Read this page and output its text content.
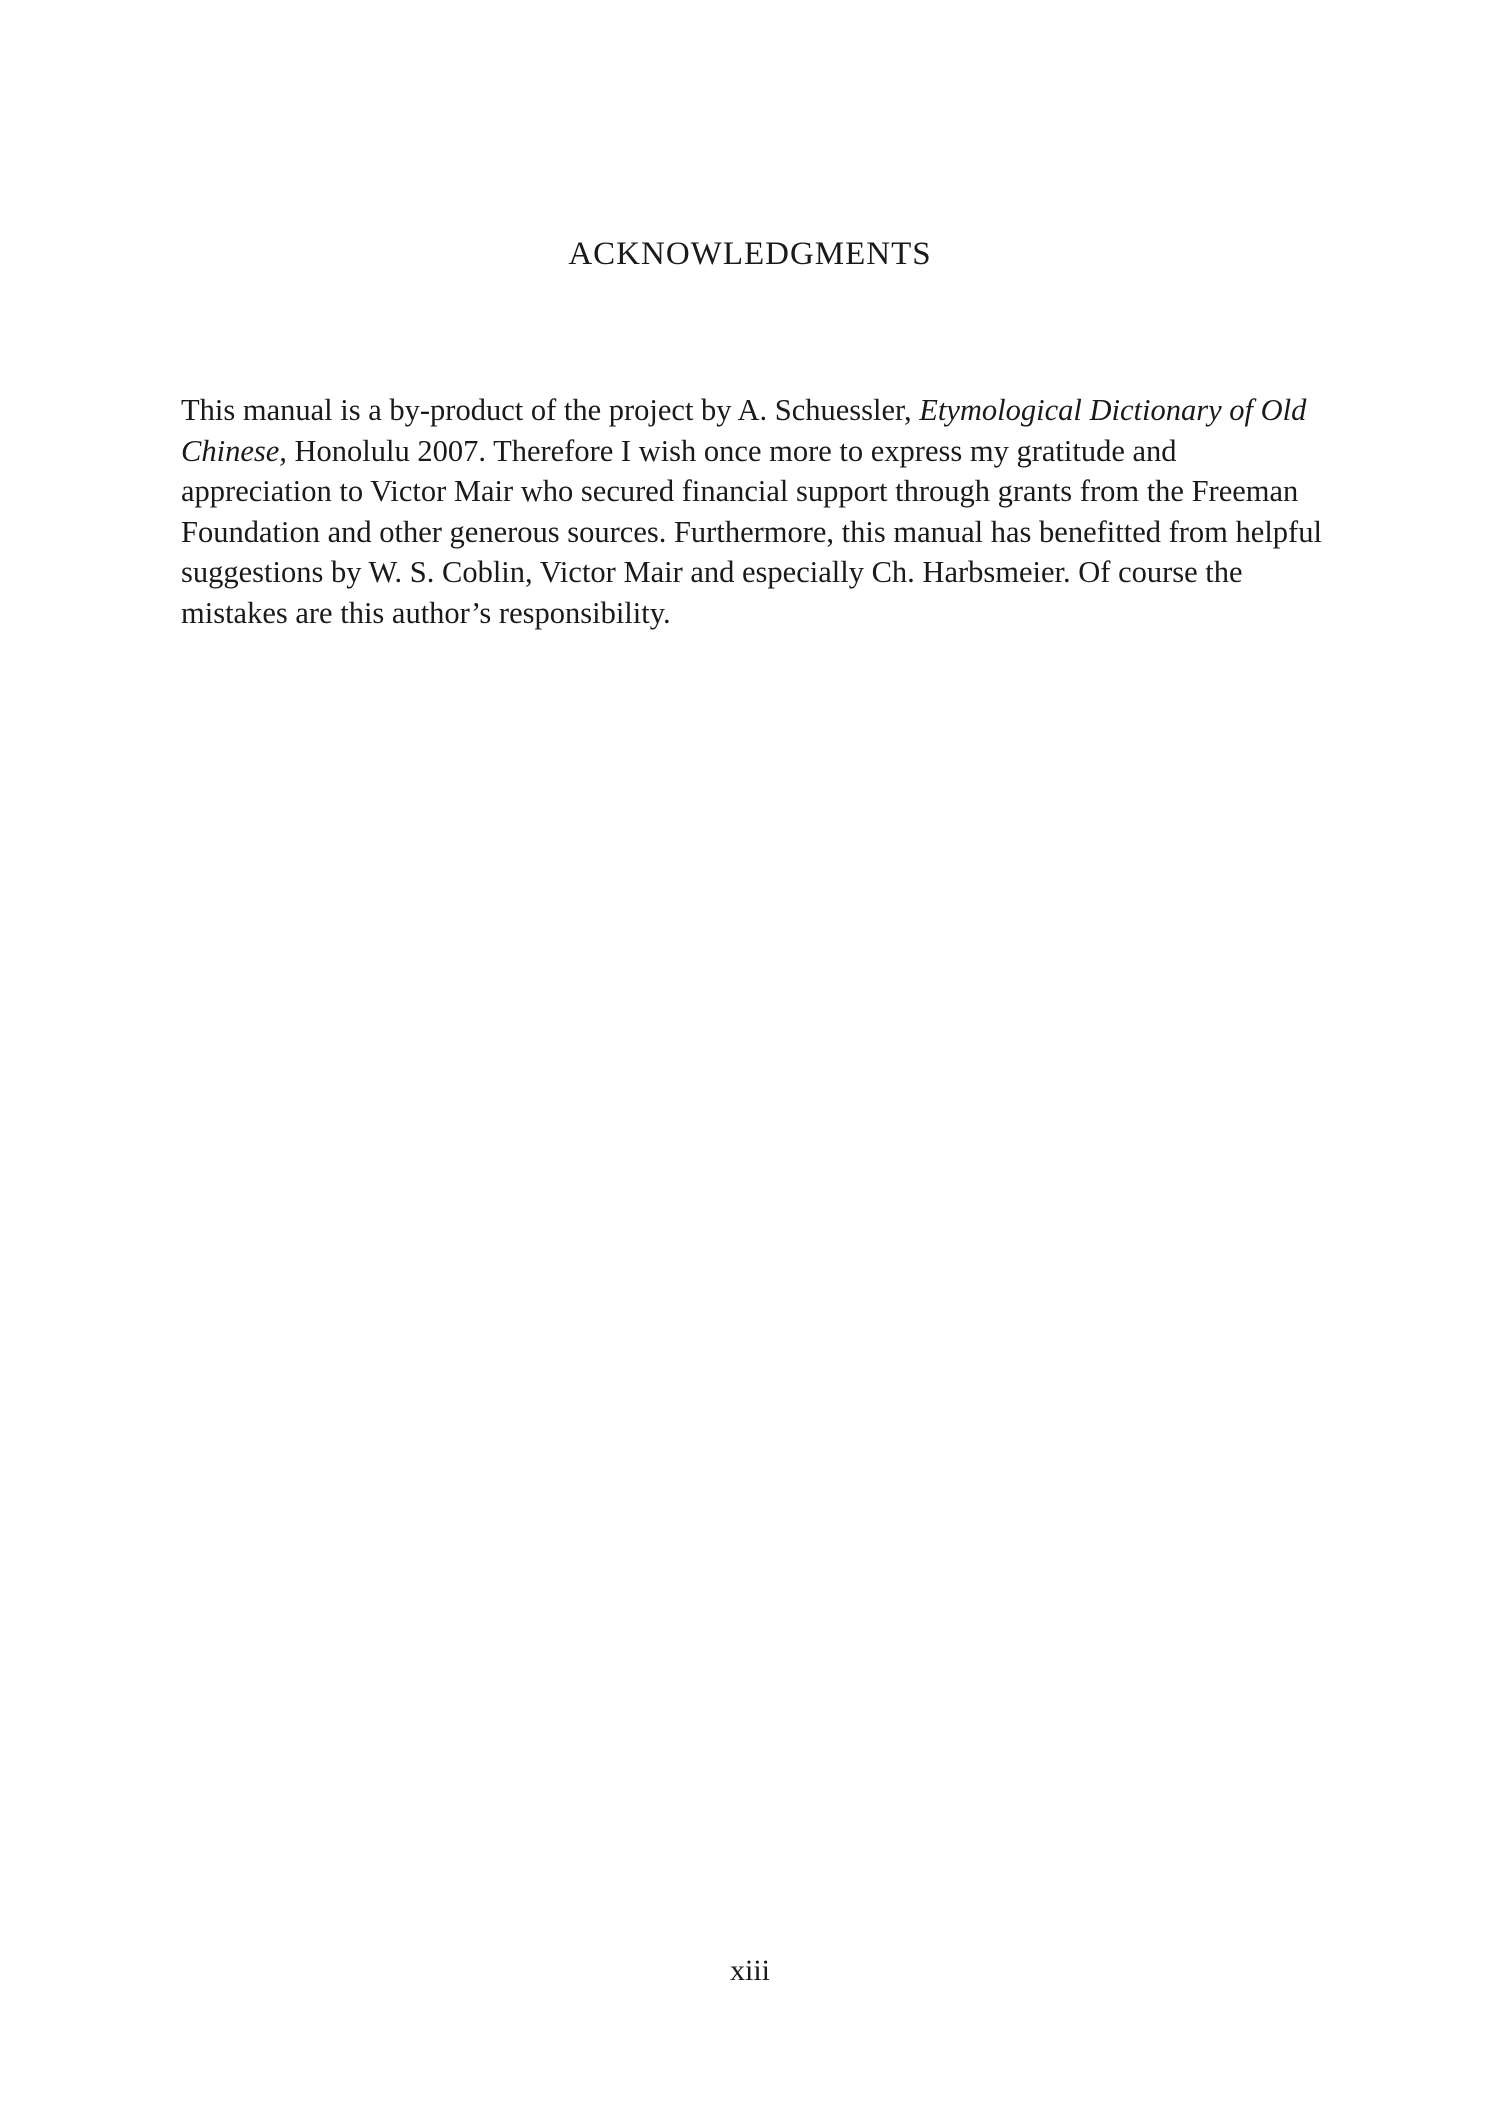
ACKNOWLEDGMENTS

This manual is a by-product of the project by A. Schuessler, Etymological Dictionary of Old Chinese, Honolulu 2007. Therefore I wish once more to express my gratitude and appreciation to Victor Mair who secured financial support through grants from the Freeman Foundation and other generous sources. Furthermore, this manual has benefitted from helpful suggestions by W. S. Coblin, Victor Mair and especially Ch. Harbsmeier. Of course the mistakes are this author’s responsibility.

xiii
